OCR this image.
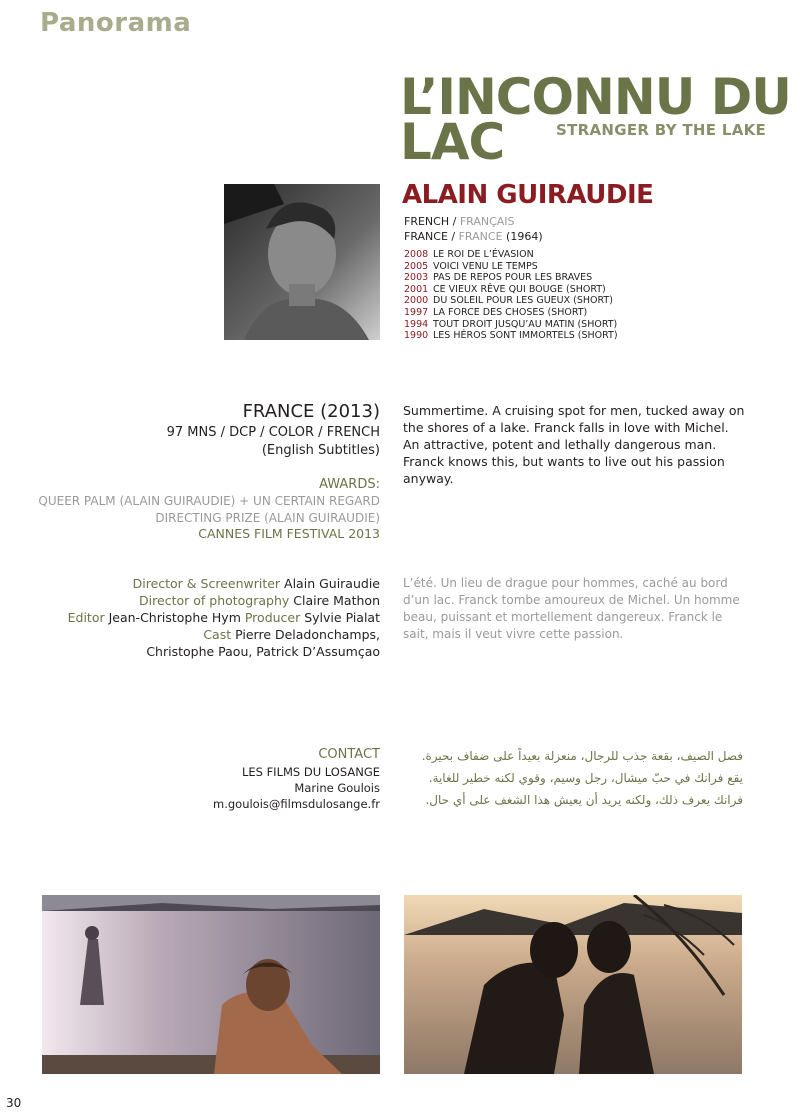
Panorama
L’INCONNU DU
LAC	STRANGER BY THE LAKE
ALAIN GUIRAUDIE
FRENCH / FRANÇAIS
FRANCE / FRANCE (1964)
2008 LE ROI DE L’ÉVASION
2005 VOICI VENU LE TEMPS
2003 PAS DE REPOS POUR LES BRAVES
2001 CE VIEUX RÊVE QUI BOUGE (SHORT)
2000 DU SOLEIL POUR LES GUEUX (SHORT)
1997 LA FORCE DES CHOSES (SHORT)
1994 TOUT DROIT JUSQU’AU MATIN (SHORT)
1990 LES HÉROS SONT IMMORTELS (SHORT)
FRANCE (2013)
97 MNS / DCP / COLOR / FRENCH
(English Subtitles)
AWARDS:
QUEER PALM (ALAIN GUIRAUDIE) + UN CERTAIN REGARD
DIRECTING PRIZE (ALAIN GUIRAUDIE)
CANNES FILM FESTIVAL 2013
Summertime. A cruising spot for men, tucked away on the shores of a lake. Franck falls in love with Michel. An attractive, potent and lethally dangerous man. Franck knows this, but wants to live out his passion anyway.
Director & Screenwriter Alain Guiraudie
Director of photography Claire Mathon
Editor Jean-Christophe Hym Producer Sylvie Pialat
Cast Pierre Deladonchamps,
Christophe Paou, Patrick D’Assumçao
L’été. Un lieu de drague pour hommes, caché au bord d’un lac. Franck tombe amoureux de Michel. Un homme beau, puissant et mortellement dangereux. Franck le sait, mais il veut vivre cette passion.
CONTACT
LES FILMS DU LOSANGE
Marine Goulois
m.goulois@filmsdulosange.fr
فصل الصيف، بقعة جذب للرجال، منعزلة بعيداً على ضفاف بحيرة.
يقع فرانك في حبّ ميشال، رجل وسيم، وقوي لكنه خطير للغاية.
فرانك يعرف ذلك، ولكنه يريد أن يعيش هذا الشغف على أي حال.
30
